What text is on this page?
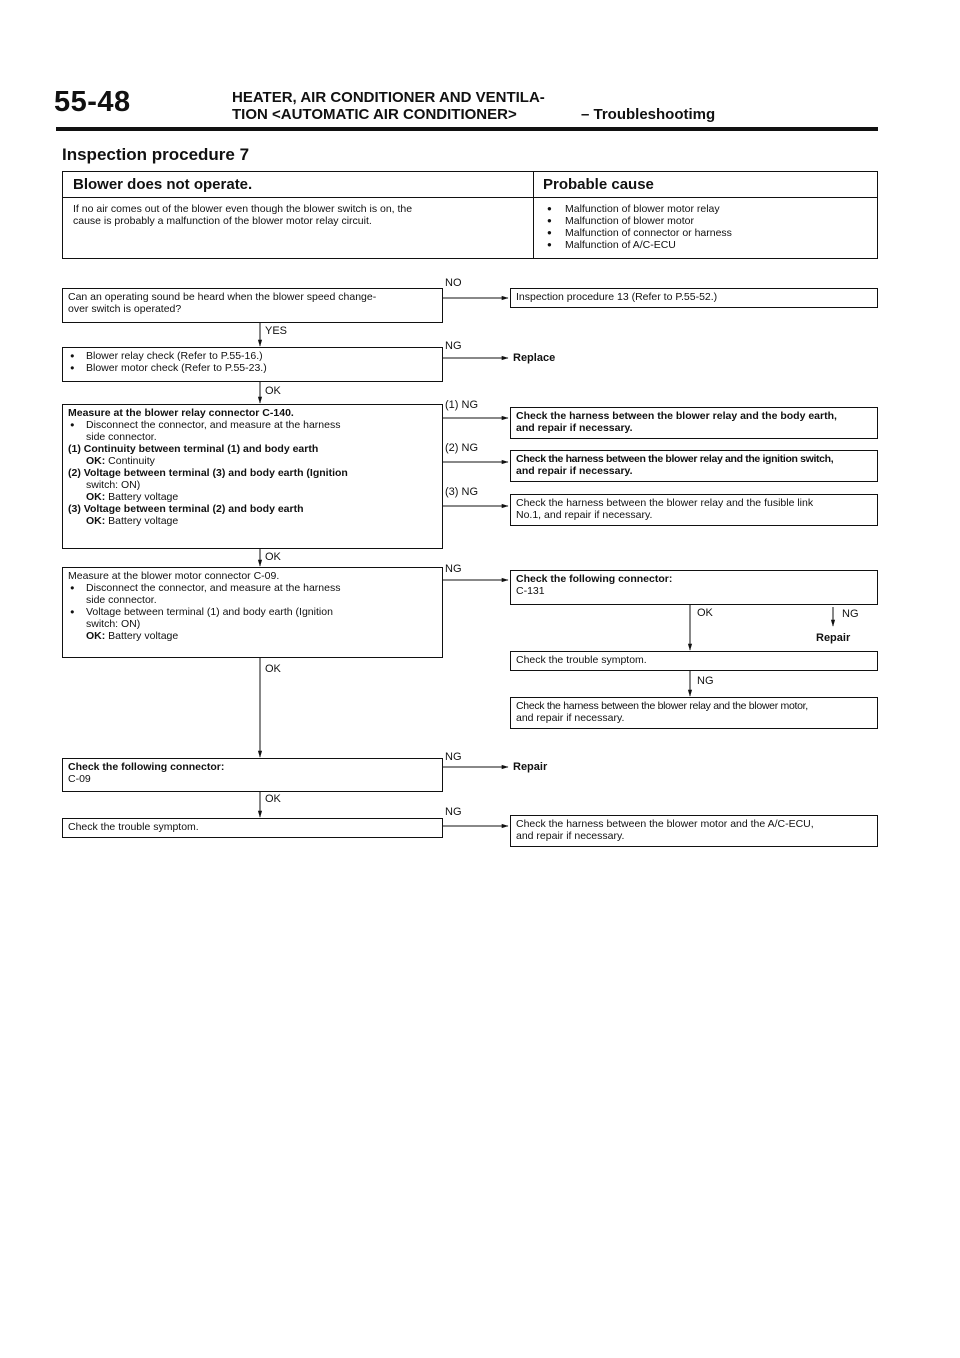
55-48	HEATER, AIR CONDITIONER AND VENTILA-
TION <AUTOMATIC AIR CONDITIONER>	– Troubleshootimg
Inspection procedure 7
Blower does not operate.	Probable cause
If no air comes out of the blower even though the blower switch is on, the
cause is probably a malfunction of the blower motor relay circuit.
● Malfunction of blower motor relay
● Malfunction of blower motor
● Malfunction of connector or harness
● Malfunction of A/C-ECU
Can an operating sound be heard when the blower speed change-
over switch is operated?
NO
Inspection procedure 13 (Refer to P.55-52.)
YES
● Blower relay check (Refer to P.55-16.)
● Blower motor check (Refer to P.55-23.)
NG
Replace
OK
Measure at the blower relay connector C-140.
● Disconnect the connector, and measure at the harness
side connector.
(1) Continuity between terminal (1) and body earth
OK: Continuity
(2) Voltage between terminal (3) and body earth (Ignition
switch: ON)
OK: Battery voltage
(3) Voltage between terminal (2) and body earth
OK: Battery voltage
(1) NG
Check the harness between the blower relay and the body earth,
and repair if necessary.
(2) NG
Check the harness between the blower relay and the ignition switch,
and repair if necessary.
(3) NG
Check the harness between the blower relay and the fusible link
No.1, and repair if necessary.
OK
Measure at the blower motor connector C-09.
● Disconnect the connector, and measure at the harness
side connector.
● Voltage between terminal (1) and body earth (Ignition
switch: ON)
OK: Battery voltage
NG
OK
Check the following connector:
C-131
OK	NG
Repair
Check the trouble symptom.
NG
Check the harness between the blower relay and the blower motor,
and repair if necessary.
Check the following connector:
C-09
NG
Repair
OK
Check the trouble symptom.
NG
Check the harness between the blower motor and the A/C-ECU,
and repair if necessary.
